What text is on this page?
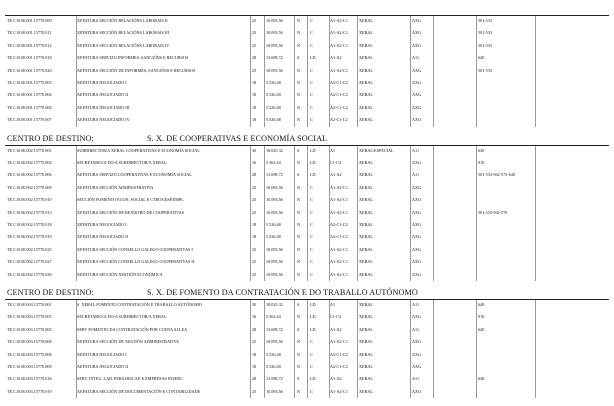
TE.C10.00.001.15770.009	XEFATURA SECCIÓN RELACIÓNS LABORAIS II	25	10.093,56	N	C	A1-A2-C1	XERAL	AXG	501-533
TE.C10.00.001.15770.011	XEFATURA SECCIÓN RELACIÓNS LABORAIS III	25	10.093,56	N	C	A1-A2-C1	XERAL	AXG	501-533
TE.C10.00.001.15770.012	XEFATURA SECCIÓN RELACIÓNS LABORAIS IV	25	10.093,56	N	C	A1-A2-C1	XERAL	AXG	501-533
TE.C10.00.001.15770.018	XEFATURA SERVIZO INFORMES, SANCIÓNS E RECURSOS	28	13.698,72	S	LD	A1-A2	XERAL	A11	640
TE.C10.00.001.15770.020	XEFATURA SECCIÓN DE INFORMES, SANCIÓNS E RECURSOS	25	10.093,56	N	C	A1-A2-C1	XERAL	AXG	501-533
TE.C10.00.001.15770.003	XEFATURA NEGOCIADO I	18	5.526,48	N	C	A2-C1-C2	XERAL	AXG
TE.C10.00.001.15770.004	XEFATURA NEGOCIADO II	18	5.526,48	N	C	A2-C1-C2	XERAL	AXG
TE.C10.00.001.15770.006	XEFATURA NEGOCIADO III	18	5.526,48	N	C	A2-C1-C2	XERAL	AXG
TE.C10.00.001.15770.007	XEFATURA NEGOCIADO IV	18	5.526,48	N	C	A2-C1-C2	XERAL	AXG
CENTRO DE DESTINO:	S. X. DE COOPERATIVAS E ECONOMÍA SOCIAL
TE.C10.00.002.15770.001	SUBDIRECTOR/A XERAL COOPERATIVAS E ECONOMÍA SOCIAL	30	18.025,32	S	LD	A1	XERAL/ESPECIAL	A11	640
TE.C10.00.002.15770.002	SECRETARIO/A DO/A SUBDIRECTOR/A XERAL	16	5.362,44	N	LD	C1-C2	XERAL	AXG	910
TE.C10.00.002.15770.006	XEFATURA SERVIZO COOPERATIVAS E ECONOMÍA SOCIAL	28	13.698,72	S	LD	A1-A2	XERAL	A11	501-533-562-573-640
TE.C10.00.002.15770.009	XEFATURA SECCIÓN ADMINISTRATIVA	25	10.093,56	N	C	A1-A2-C1	XERAL	AXG
TE.C10.00.002.15770.010	SECCIÓN FOMENTO ECON. SOCIAL E CTROS.ESP.EMPL	25	10.093,56	N	C	A1-A2-C1	XERAL	AXG
TE.C10.00.002.15770.013	XEFATURA SECCIÓN DE REXISTRO DE COOPERATIVAS	25	10.093,56	N	C	A1-A2-C1	XERAL	AXG	501-533-562-570
TE.C10.00.002.15770.018	XEFATURA NEGOCIADO I	18	5.526,48	N	C	A2-C1-C2	XERAL	AXG
TE.C10.00.002.15770.019	XEFATURA NEGOCIADO II	18	5.526,48	N	C	A2-C1-C2	XERAL	AXG
TE.C10.00.002.15770.025	XEFATURA SECCIÓN CONSELLO GALEGO COOPERATIVAS I	25	10.093,56	N	C	A1-A2-C1	XERAL	AXG
TE.C10.00.002.15770.027	XEFATURA SECCIÓN CONSELLO GALEGO COOPERATIVAS II	25	10.093,56	N	C	A1-A2-C1	XERAL	AXG
TE.C10.00.002.15770.030	XEFATURA SECCIÓN XESTIÓN ECONÓMICA	25	10.093,56	N	C	A1-A2-C1	XERAL	AXG
CENTRO DE DESTINO:	S. X. DE FOMENTO DA CONTRATACIÓN E DO TRABALLO AUTÓNOMO
TE.C10.00.003.15770.001	S. XERAL FOMENTO CONTRATACIÓN E TRABALLO AUTÓNOMO	30	18.025,32	S	LD	A1	XERAL	A11	640
TE.C10.00.003.15770.003	SECRETARIO/A DO/A SUBDIRECTOR/A XERAL	16	5.362,44	N	LD	C1-C2	XERAL	AXG	910
TE.C10.00.003.15770.005	SERV FOMENTO DA CONTRATACIÓN POR CONTA ALLEA	28	13.698,72	S	LD	A1-A2	XERAL	A11	640
TE.C10.00.003.15770.006	XEFATURA SECCIÓN DE XESTIÓN ADMINISTRATIVA	25	10.093,56	N	C	A1-A2-C1	XERAL	AXG
TE.C10.00.003.15770.008	XEFATURA NEGOCIADO I	18	5.526,48	N	C	A2-C1-C2	XERAL	AXG
TE.C10.00.003.15770.009	XEFATURA NEGOCIADO II	18	5.526,48	N	C	A2-C1-C2	XERAL	AXG
TE.C10.00.003.15770.016	SERV. INTEG. LAB. PERS.DISCAP. E EMPRESAS INSERC	28	13.698,72	S	LD	A1-A2	XERAL	A11	640
TE.C10.00.003.15770.019	XEFATURA SECCIÓN DE DOCUMENTACIÓN E CONTABILIDADE	25	10.093,56	N	C	A1-A2-C1	XERAL	AXG
